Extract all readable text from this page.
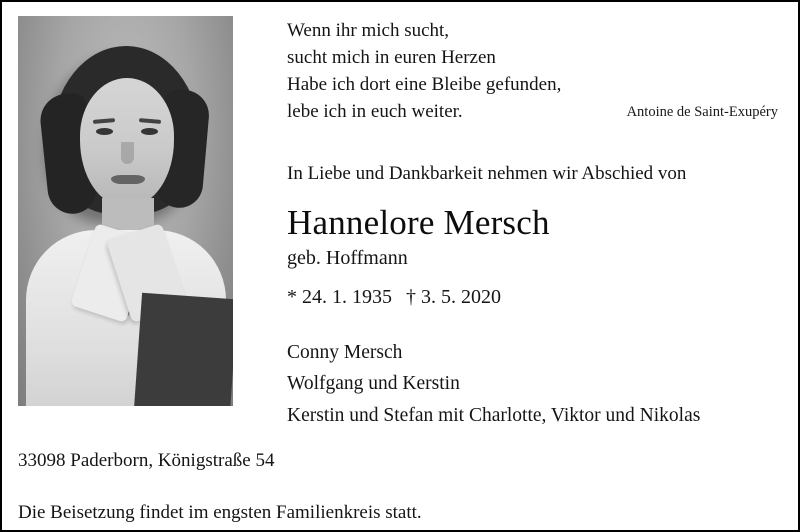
Wenn ihr mich sucht,
sucht mich in euren Herzen
Habe ich dort eine Bleibe gefunden,
lebe ich in euch weiter.	Antoine de Saint-Exupéry
In Liebe und Dankbarkeit nehmen wir Abschied von
Hannelore Mersch
geb. Hoffmann
* 24. 1. 1935 † 3. 5. 2020
Conny Mersch
Wolfgang und Kerstin
Kerstin und Stefan mit Charlotte, Viktor und Nikolas
33098 Paderborn, Königstraße 54
Die Beisetzung findet im engsten Familienkreis statt.
